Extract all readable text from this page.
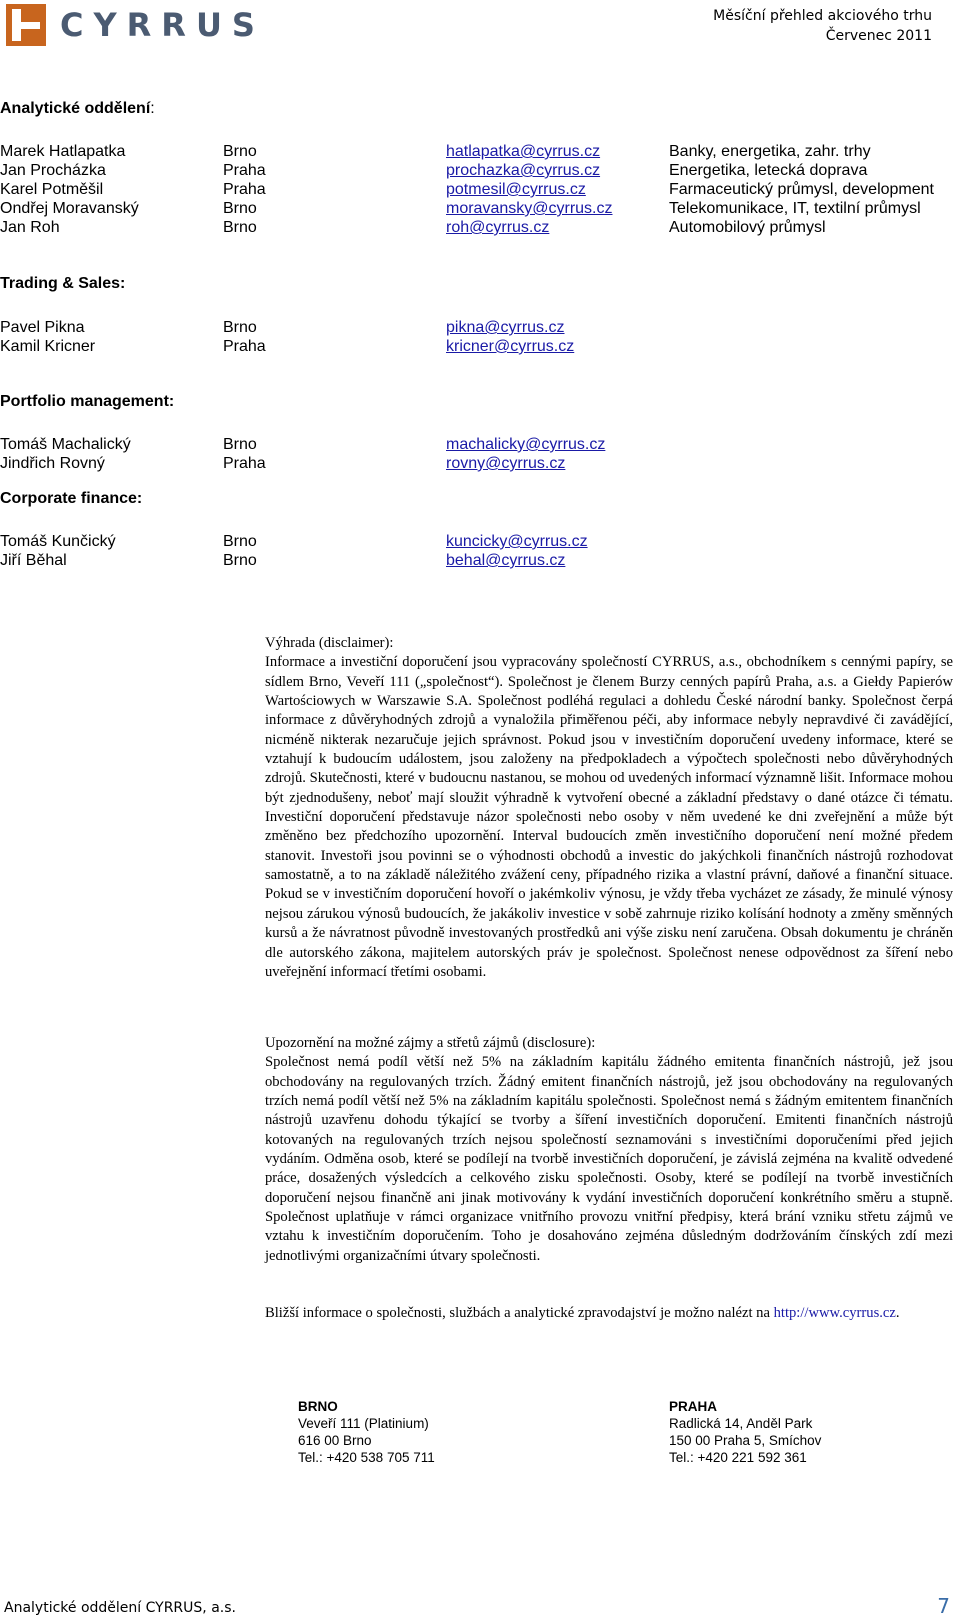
CYRRUS	Měsíční přehled akciového trhu
Červenec 2011
Analytické oddělení:
Marek Hatlapatka	Brno	hatlapatka@cyrrus.cz	Banky, energetika, zahr. trhy
Jan Procházka	Praha	prochazka@cyrrus.cz	Energetika, letecká doprava
Karel Potměšil	Praha	potmesil@cyrrus.cz	Farmaceutický průmysl, development
Ondřej Moravanský	Brno	moravansky@cyrrus.cz	Telekomunikace, IT, textilní průmysl
Jan Roh	Brno	roh@cyrrus.cz	Automobilový průmysl
Trading & Sales:
Pavel Pikna	Brno	pikna@cyrrus.cz
Kamil Kricner	Praha	kricner@cyrrus.cz
Portfolio management:
Tomáš Machalický	Brno	machalicky@cyrrus.cz
Jindřich Rovný	Praha	rovny@cyrrus.cz
Corporate finance:
Tomáš Kunčický	Brno	kuncicky@cyrrus.cz
Jiří Běhal	Brno	behal@cyrrus.cz

Výhrada (disclaimer):
Informace a investiční doporučení jsou vypracovány společností CYRRUS, a.s., obchodníkem s cennými papíry, se sídlem Brno, Veveří 111 („společnost“). Společnost je členem Burzy cenných papírů Praha, a.s. a Giełdy Papierów Wartościowych w Warszawie S.A. Společnost podléhá regulaci a dohledu České národní banky. Společnost čerpá informace z důvěryhodných zdrojů a vynaložila přiměřenou péči, aby informace nebyly nepravdivé či zavádějící, nicméně nikterak nezaručuje jejich správnost. Pokud jsou v investičním doporučení uvedeny informace, které se vztahují k budoucím událostem, jsou založeny na předpokladech a výpočtech společnosti nebo důvěryhodných zdrojů. Skutečnosti, které v budoucnu nastanou, se mohou od uvedených informací významně lišit. Informace mohou být zjednodušeny, neboť mají sloužit výhradně k vytvoření obecné a základní představy o dané otázce či tématu. Investiční doporučení představuje názor společnosti nebo osoby v něm uvedené ke dni zveřejnění a může být změněno bez předchozího upozornění. Interval budoucích změn investičního doporučení není možné předem stanovit. Investoři jsou povinni se o výhodnosti obchodů a investic do jakýchkoli finančních nástrojů rozhodovat samostatně, a to na základě náležitého zvážení ceny, případného rizika a vlastní právní, daňové a finanční situace. Pokud se v investičním doporučení hovoří o jakémkoliv výnosu, je vždy třeba vycházet ze zásady, že minulé výnosy nejsou zárukou výnosů budoucích, že jakákoliv investice v sobě zahrnuje riziko kolísání hodnoty a změny směnných kursů a že návratnost původně investovaných prostředků ani výše zisku není zaručena. Obsah dokumentu je chráněn dle autorského zákona, majitelem autorských práv je společnost. Společnost nenese odpovědnost za šíření nebo uveřejnění informací třetími osobami.

Upozornění na možné zájmy a střetů zájmů (disclosure):
Společnost nemá podíl větší než 5% na základním kapitálu žádného emitenta finančních nástrojů, jež jsou obchodovány na regulovaných trzích. Žádný emitent finančních nástrojů, jež jsou obchodovány na regulovaných trzích nemá podíl větší než 5% na základním kapitálu společnosti. Společnost nemá s žádným emitentem finančních nástrojů uzavřenu dohodu týkající se tvorby a šíření investičních doporučení. Emitenti finančních nástrojů kotovaných na regulovaných trzích nejsou společností seznamováni s investičními doporučeními před jejich vydáním. Odměna osob, které se podílejí na tvorbě investičních doporučení, je závislá zejména na kvalitě odvedené práce, dosažených výsledcích a celkového zisku společnosti. Osoby, které se podílejí na tvorbě investičních doporučení nejsou finančně ani jinak motivovány k vydání investičních doporučení konkrétního směru a stupně. Společnost uplatňuje v rámci organizace vnitřního provozu vnitřní předpisy, která brání vzniku střetu zájmů ve vztahu k investičním doporučením. Toho je dosahováno zejména důsledným dodržováním čínských zdí mezi jednotlivými organizačními útvary společnosti.

Bližší informace o společnosti, službách a analytické zpravodajství je možno nalézt na http://www.cyrrus.cz.

BRNO
Veveří 111 (Platinium)
616 00 Brno
Tel.: +420 538 705 711
PRAHA
Radlická 14, Anděl Park
150 00 Praha 5, Smíchov
Tel.: +420 221 592 361
Analytické oddělení CYRRUS, a.s.	7
